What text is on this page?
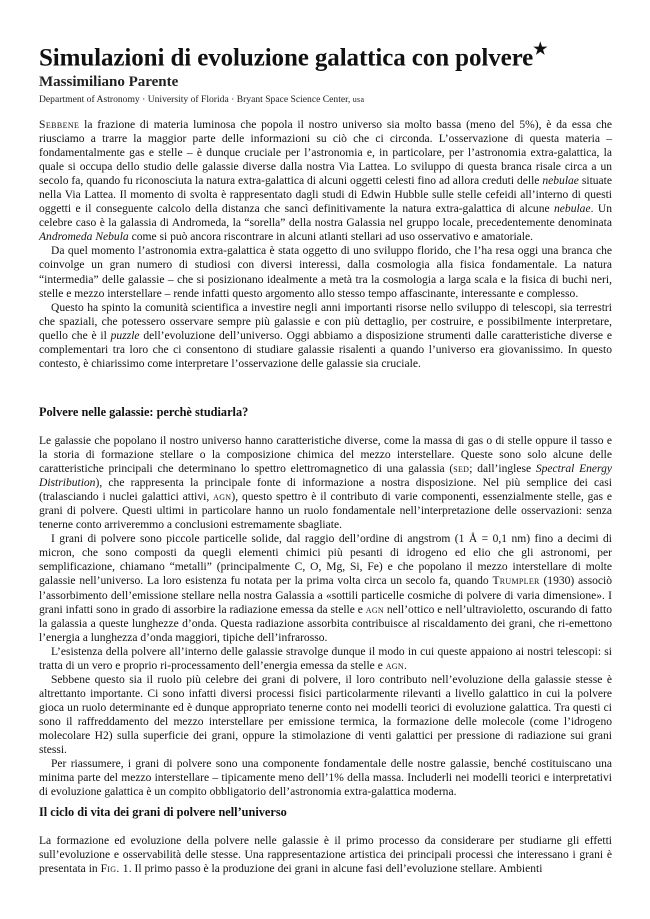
Simulazioni di evoluzione galattica con polvere★
Massimiliano Parente
Department of Astronomy · University of Florida · Bryant Space Science Center, usa

Sebbene la frazione di materia luminosa che popola il nostro universo sia molto bassa (meno del 5%), è da essa che riusciamo a trarre la maggior parte delle informazioni su ciò che ci circonda. L’osservazione di questa materia – fondamentalmente gas e stelle – è dunque cruciale per l’astronomia e, in particolare, per l’astronomia extra-galattica, la quale si occupa dello studio delle galassie diverse dalla nostra Via Lattea. Lo sviluppo di questa branca risale circa a un secolo fa, quando fu riconosciuta la natura extra-galattica di alcuni oggetti celesti fino ad allora creduti delle nebulae situate nella Via Lattea. Il momento di svolta è rappresentato dagli studi di Edwin Hubble sulle stelle cefeidi all’interno di questi oggetti e il conseguente calcolo della distanza che sancì definitivamente la natura extra-galattica di alcune nebulae. Un celebre caso è la galassia di Andromeda, la “sorella” della nostra Galassia nel gruppo locale, precedentemente denominata Andromeda Nebula come si può ancora riscontrare in alcuni atlanti stellari ad uso osservativo e amatoriale.

Da quel momento l’astronomia extra-galattica è stata oggetto di uno sviluppo florido, che l’ha resa oggi una branca che coinvolge un gran numero di studiosi con diversi interessi, dalla cosmologia alla fisica fondamentale. La natura “intermedia” delle galassie – che si posizionano idealmente a metà tra la cosmologia a larga scala e la fisica di buchi neri, stelle e mezzo interstellare – rende infatti questo argomento allo stesso tempo affascinante, interessante e complesso.

Questo ha spinto la comunità scientifica a investire negli anni importanti risorse nello sviluppo di telescopi, sia terrestri che spaziali, che potessero osservare sempre più galassie e con più dettaglio, per costruire, e possibilmente interpretare, quello che è il puzzle dell’evoluzione dell’universo. Oggi abbiamo a disposizione strumenti dalle caratteristiche diverse e complementari tra loro che ci consentono di studiare galassie risalenti a quando l’universo era giovanissimo. In questo contesto, è chiarissimo come interpretare l’osservazione delle galassie sia cruciale.

Polvere nelle galassie: perchè studiarla?

Le galassie che popolano il nostro universo hanno caratteristiche diverse, come la massa di gas o di stelle oppure il tasso e la storia di formazione stellare o la composizione chimica del mezzo interstellare. Queste sono solo alcune delle caratteristiche principali che determinano lo spettro elettromagnetico di una galassia (sed; dall’inglese Spectral Energy Distribution), che rappresenta la principale fonte di informazione a nostra disposizione. Nel più semplice dei casi (tralasciando i nuclei galattici attivi, agn), questo spettro è il contributo di varie componenti, essenzialmente stelle, gas e grani di polvere. Questi ultimi in particolare hanno un ruolo fondamentale nell’interpretazione delle osservazioni: senza tenerne conto arriveremmo a conclusioni estremamente sbagliate.

I grani di polvere sono piccole particelle solide, dal raggio dell’ordine di angstrom (1 Å = 0,1 nm) fino a decimi di micron, che sono composti da quegli elementi chimici più pesanti di idrogeno ed elio che gli astronomi, per semplificazione, chiamano “metalli” (principalmente C, O, Mg, Si, Fe) e che popolano il mezzo interstellare di molte galassie nell’universo. La loro esistenza fu notata per la prima volta circa un secolo fa, quando Trumpler (1930) associò l’assorbimento dell’emissione stellare nella nostra Galassia a «sottili particelle cosmiche di polvere di varia dimensione». I grani infatti sono in grado di assorbire la radiazione emessa da stelle e agn nell’ottico e nell’ultravioletto, oscurando di fatto la galassia a queste lunghezze d’onda. Questa radiazione assorbita contribuisce al riscaldamento dei grani, che ri-emettono l’energia a lunghezza d’onda maggiori, tipiche dell’infrarosso.

L’esistenza della polvere all’interno delle galassie stravolge dunque il modo in cui queste appaiono ai nostri telescopi: si tratta di un vero e proprio ri-processamento dell’energia emessa da stelle e agn.

Sebbene questo sia il ruolo più celebre dei grani di polvere, il loro contributo nell’evoluzione della galassie stesse è altrettanto importante. Ci sono infatti diversi processi fisici particolarmente rilevanti a livello galattico in cui la polvere gioca un ruolo determinante ed è dunque appropriato tenerne conto nei modelli teorici di evoluzione galattica. Tra questi ci sono il raffreddamento del mezzo interstellare per emissione termica, la formazione delle molecole (come l’idrogeno molecolare H2) sulla superficie dei grani, oppure la stimolazione di venti galattici per pressione di radiazione sui grani stessi.

Per riassumere, i grani di polvere sono una componente fondamentale delle nostre galassie, benché costituiscano una minima parte del mezzo interstellare – tipicamente meno dell’1% della massa. Includerli nei modelli teorici e interpretativi di evoluzione galattica è un compito obbligatorio dell’astronomia extra-galattica moderna.

Il ciclo di vita dei grani di polvere nell’universo

La formazione ed evoluzione della polvere nelle galassie è il primo processo da considerare per studiarne gli effetti sull’evoluzione e osservabilità delle stesse. Una rappresentazione artistica dei principali processi che interessano i grani è presentata in Fig. 1. Il primo passo è la produzione dei grani in alcune fasi dell’evoluzione stellare. Ambienti
